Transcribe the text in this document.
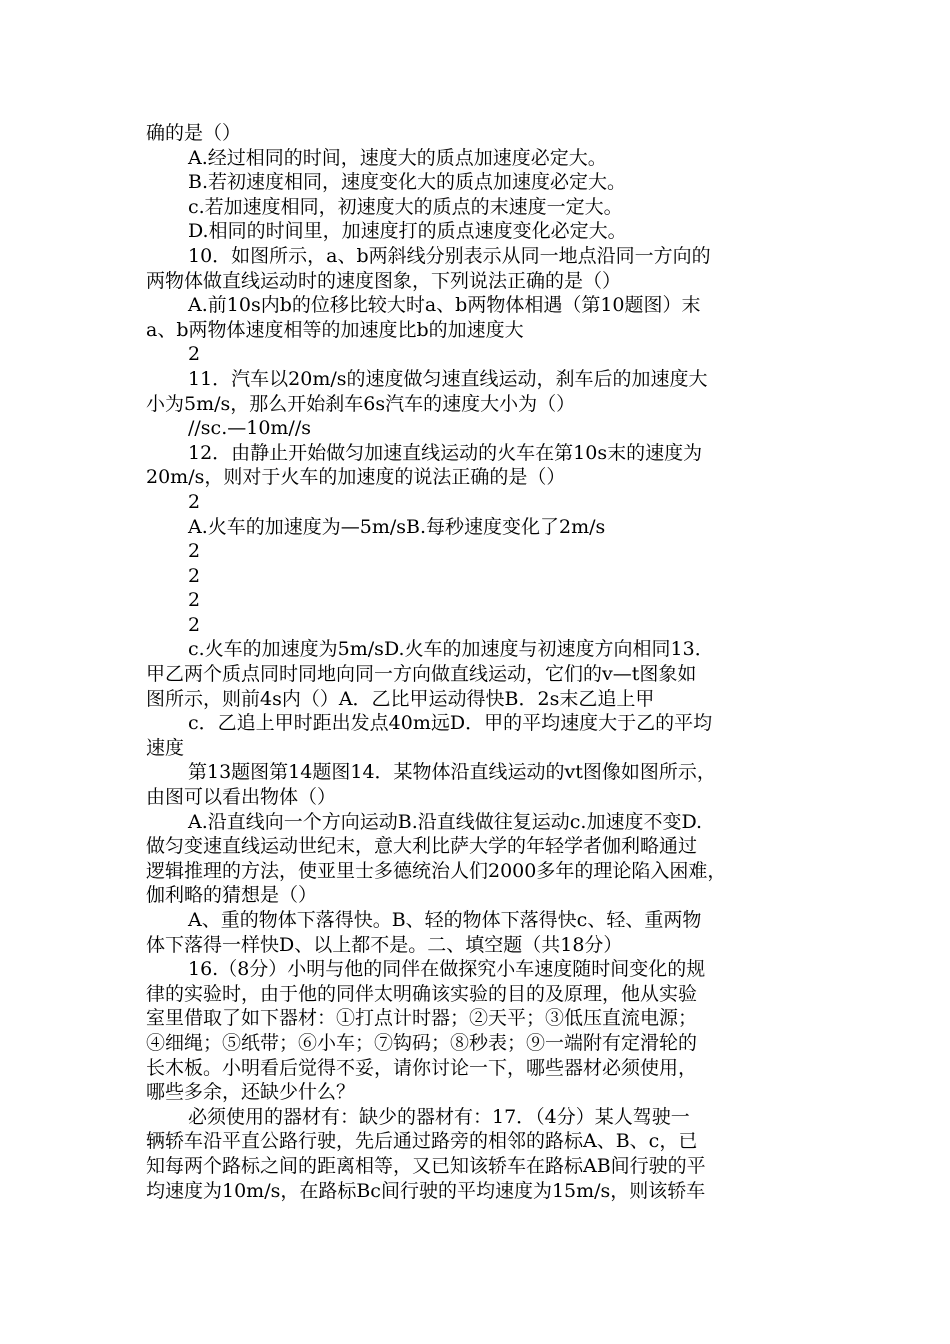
确的是（）
A.经过相同的时间，速度大的质点加速度必定大。
B.若初速度相同，速度变化大的质点加速度必定大。
c.若加速度相同，初速度大的质点的末速度一定大。
D.相同的时间里，加速度打的质点速度变化必定大。
10．如图所示，a、b两斜线分别表示从同一地点沿同一方向的
两物体做直线运动时的速度图象，下列说法正确的是（）
A.前10s内b的位移比较大时a、b两物体相遇（第10题图）末
a、b两物体速度相等的加速度比b的加速度大
2
11．汽车以20m/s的速度做匀速直线运动，刹车后的加速度大
小为5m/s，那么开始刹车6s汽车的速度大小为（）
//sc.—10m//s
12．由静止开始做匀加速直线运动的火车在第10s末的速度为
20m/s，则对于火车的加速度的说法正确的是（）
2
A.火车的加速度为—5m/sB.每秒速度变化了2m/s
2
2
2
2
c.火车的加速度为5m/sD.火车的加速度与初速度方向相同13．
甲乙两个质点同时同地向同一方向做直线运动，它们的v—t图象如
图所示，则前4s内（）A．乙比甲运动得快B．2s末乙追上甲
c．乙追上甲时距出发点40m远D．甲的平均速度大于乙的平均
速度
第13题图第14题图14．某物体沿直线运动的vt图像如图所示，
由图可以看出物体（）
A.沿直线向一个方向运动B.沿直线做往复运动c.加速度不变D.
做匀变速直线运动世纪末，意大利比萨大学的年轻学者伽利略通过
逻辑推理的方法，使亚里士多德统治人们2000多年的理论陷入困难，
伽利略的猜想是（）
A、重的物体下落得快。B、轻的物体下落得快c、轻、重两物
体下落得一样快D、以上都不是。二、填空题（共18分）
16.（8分）小明与他的同伴在做探究小车速度随时间变化的规
律的实验时，由于他的同伴太明确该实验的目的及原理，他从实验
室里借取了如下器材：①打点计时器；②天平；③低压直流电源；
④细绳；⑤纸带；⑥小车；⑦钩码；⑧秒表；⑨一端附有定滑轮的
长木板。小明看后觉得不妥，请你讨论一下，哪些器材必须使用，
哪些多余，还缺少什么？
必须使用的器材有：缺少的器材有：17．（4分）某人驾驶一
辆轿车沿平直公路行驶，先后通过路旁的相邻的路标A、B、c，已
知每两个路标之间的距离相等，又已知该轿车在路标AB间行驶的平
均速度为10m/s，在路标Bc间行驶的平均速度为15m/s，则该轿车
